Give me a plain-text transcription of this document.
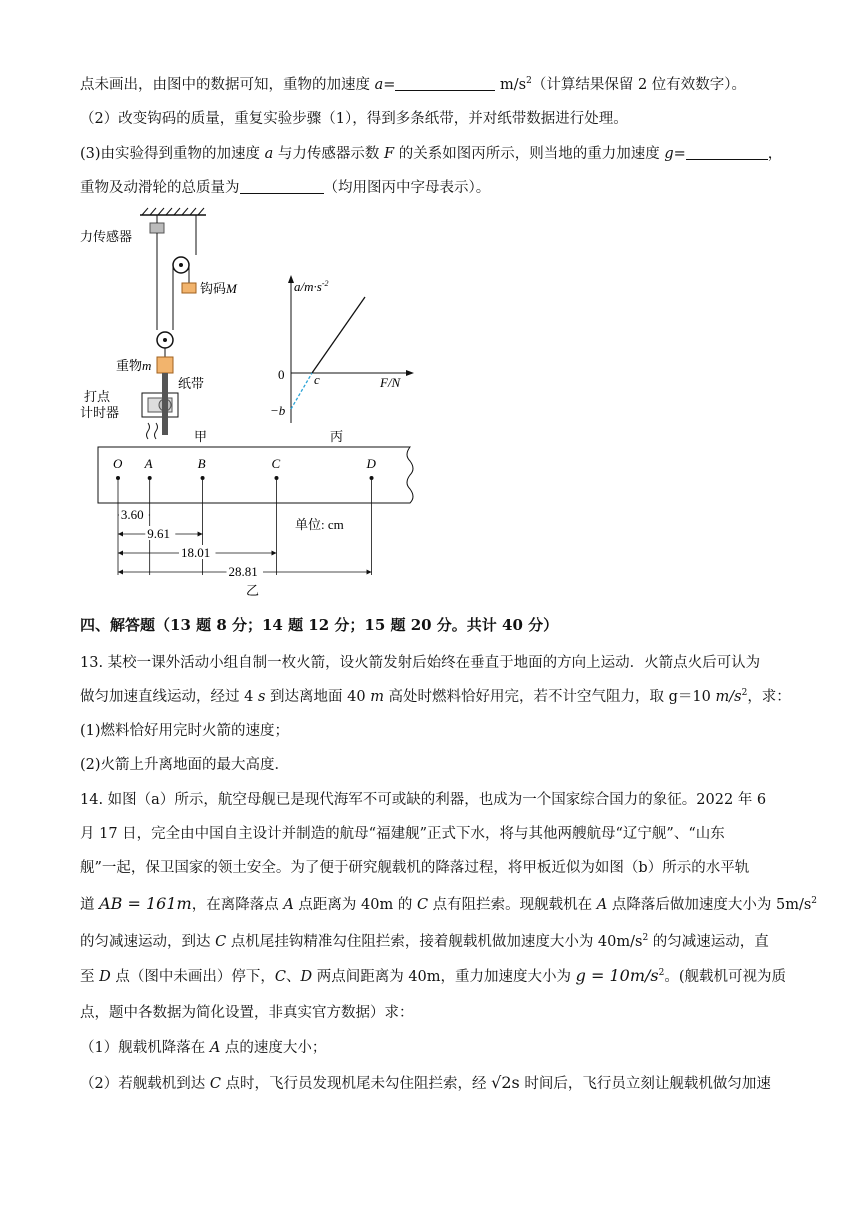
点未画出，由图中的数据可知，重物的加速度 a=	$m/s^2$（计算结果保留 2 位有效数字）。
（2）改变钩码的质量，重复实验步骤（1），得到多条纸带，并对纸带数据进行处理。
(3)由实验得到重物的加速度 a 与力传感器示数 F 的关系如图丙所示，则当地的重力加速度 g=	，
重物及动滑轮的总质量为	（均用图丙中字母表示）。
力传感器
钩码M
重物m
纸带
打点
计时器
甲
$a/m\cdot s^{-2}$
F/N
0 c
−b
丙
O A	B	C	D
单位: cm
3.60
9.61
18.01
28.81
乙
四、解答题（13 题 8 分；14 题 12 分；15 题 20 分。共计 40 分）
13. 某校一课外活动小组自制一枚火箭，设火箭发射后始终在垂直于地面的方向上运动．火箭点火后可认为
做匀加速直线运动，经过 4 s 到达离地面 40 m 高处时燃料恰好用完，若不计空气阻力，取 g＝10 $m/s^2$，求：
(1)燃料恰好用完时火箭的速度；
(2)火箭上升离地面的最大高度．
14. 如图（a）所示，航空母舰已是现代海军不可或缺的利器，也成为一个国家综合国力的象征。2022 年 6
月 17 日，完全由中国自主设计并制造的航母“福建舰”正式下水，将与其他两艘航母“辽宁舰”、“山东
舰”一起，保卫国家的领土安全。为了便于研究舰载机的降落过程，将甲板近似为如图（b）所示的水平轨
道 AB = 161m，在离降落点 A 点距离为 40m 的 C 点有阻拦索。现舰载机在 A 点降落后做加速度大小为 $5m/s^2$
的匀减速运动，到达 C 点机尾挂钩精准勾住阻拦索，接着舰载机做加速度大小为 $40m/s^2$ 的匀减速运动，直
至 D 点（图中未画出）停下，C、D 两点间距离为 40m，重力加速度大小为 $g = 10m/s^2$。(舰载机可视为质
点，题中各数据为简化设置，非真实官方数据）求：
（1）舰载机降落在 A 点的速度大小；
（2）若舰载机到达 C 点时，飞行员发现机尾未勾住阻拦索，经 √2s 时间后，飞行员立刻让舰载机做匀加速
